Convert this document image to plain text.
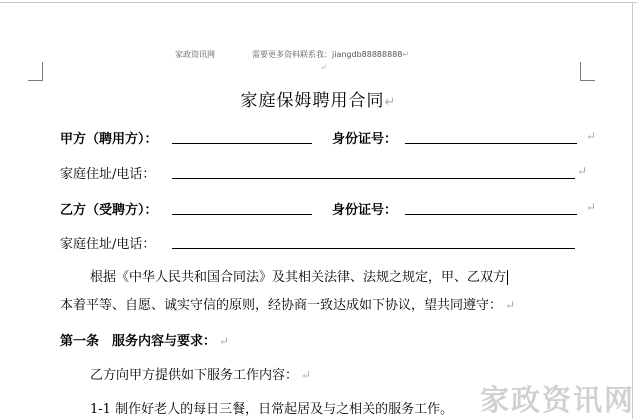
家政资讯网	需要更多资料联系我：jiangdb88888888↵
↵
家庭保姆聘用合同↵
甲方（聘用方）：	身份证号：	↵
家庭住址/电话：	↵
乙方（受聘方）：	身份证号：	↵
家庭住址/电话：
根据《中华人民共和国合同法》及其相关法律、法规之规定，甲、乙双方
本着平等、自愿、诚实守信的原则，经协商一致达成如下协议，望共同遵守： ↵
第一条　服务内容与要求： ↵
乙方向甲方提供如下服务工作内容： ↵
1-1 制作好老人的每日三餐，日常起居及与之相关的服务工作。 家政资讯网
